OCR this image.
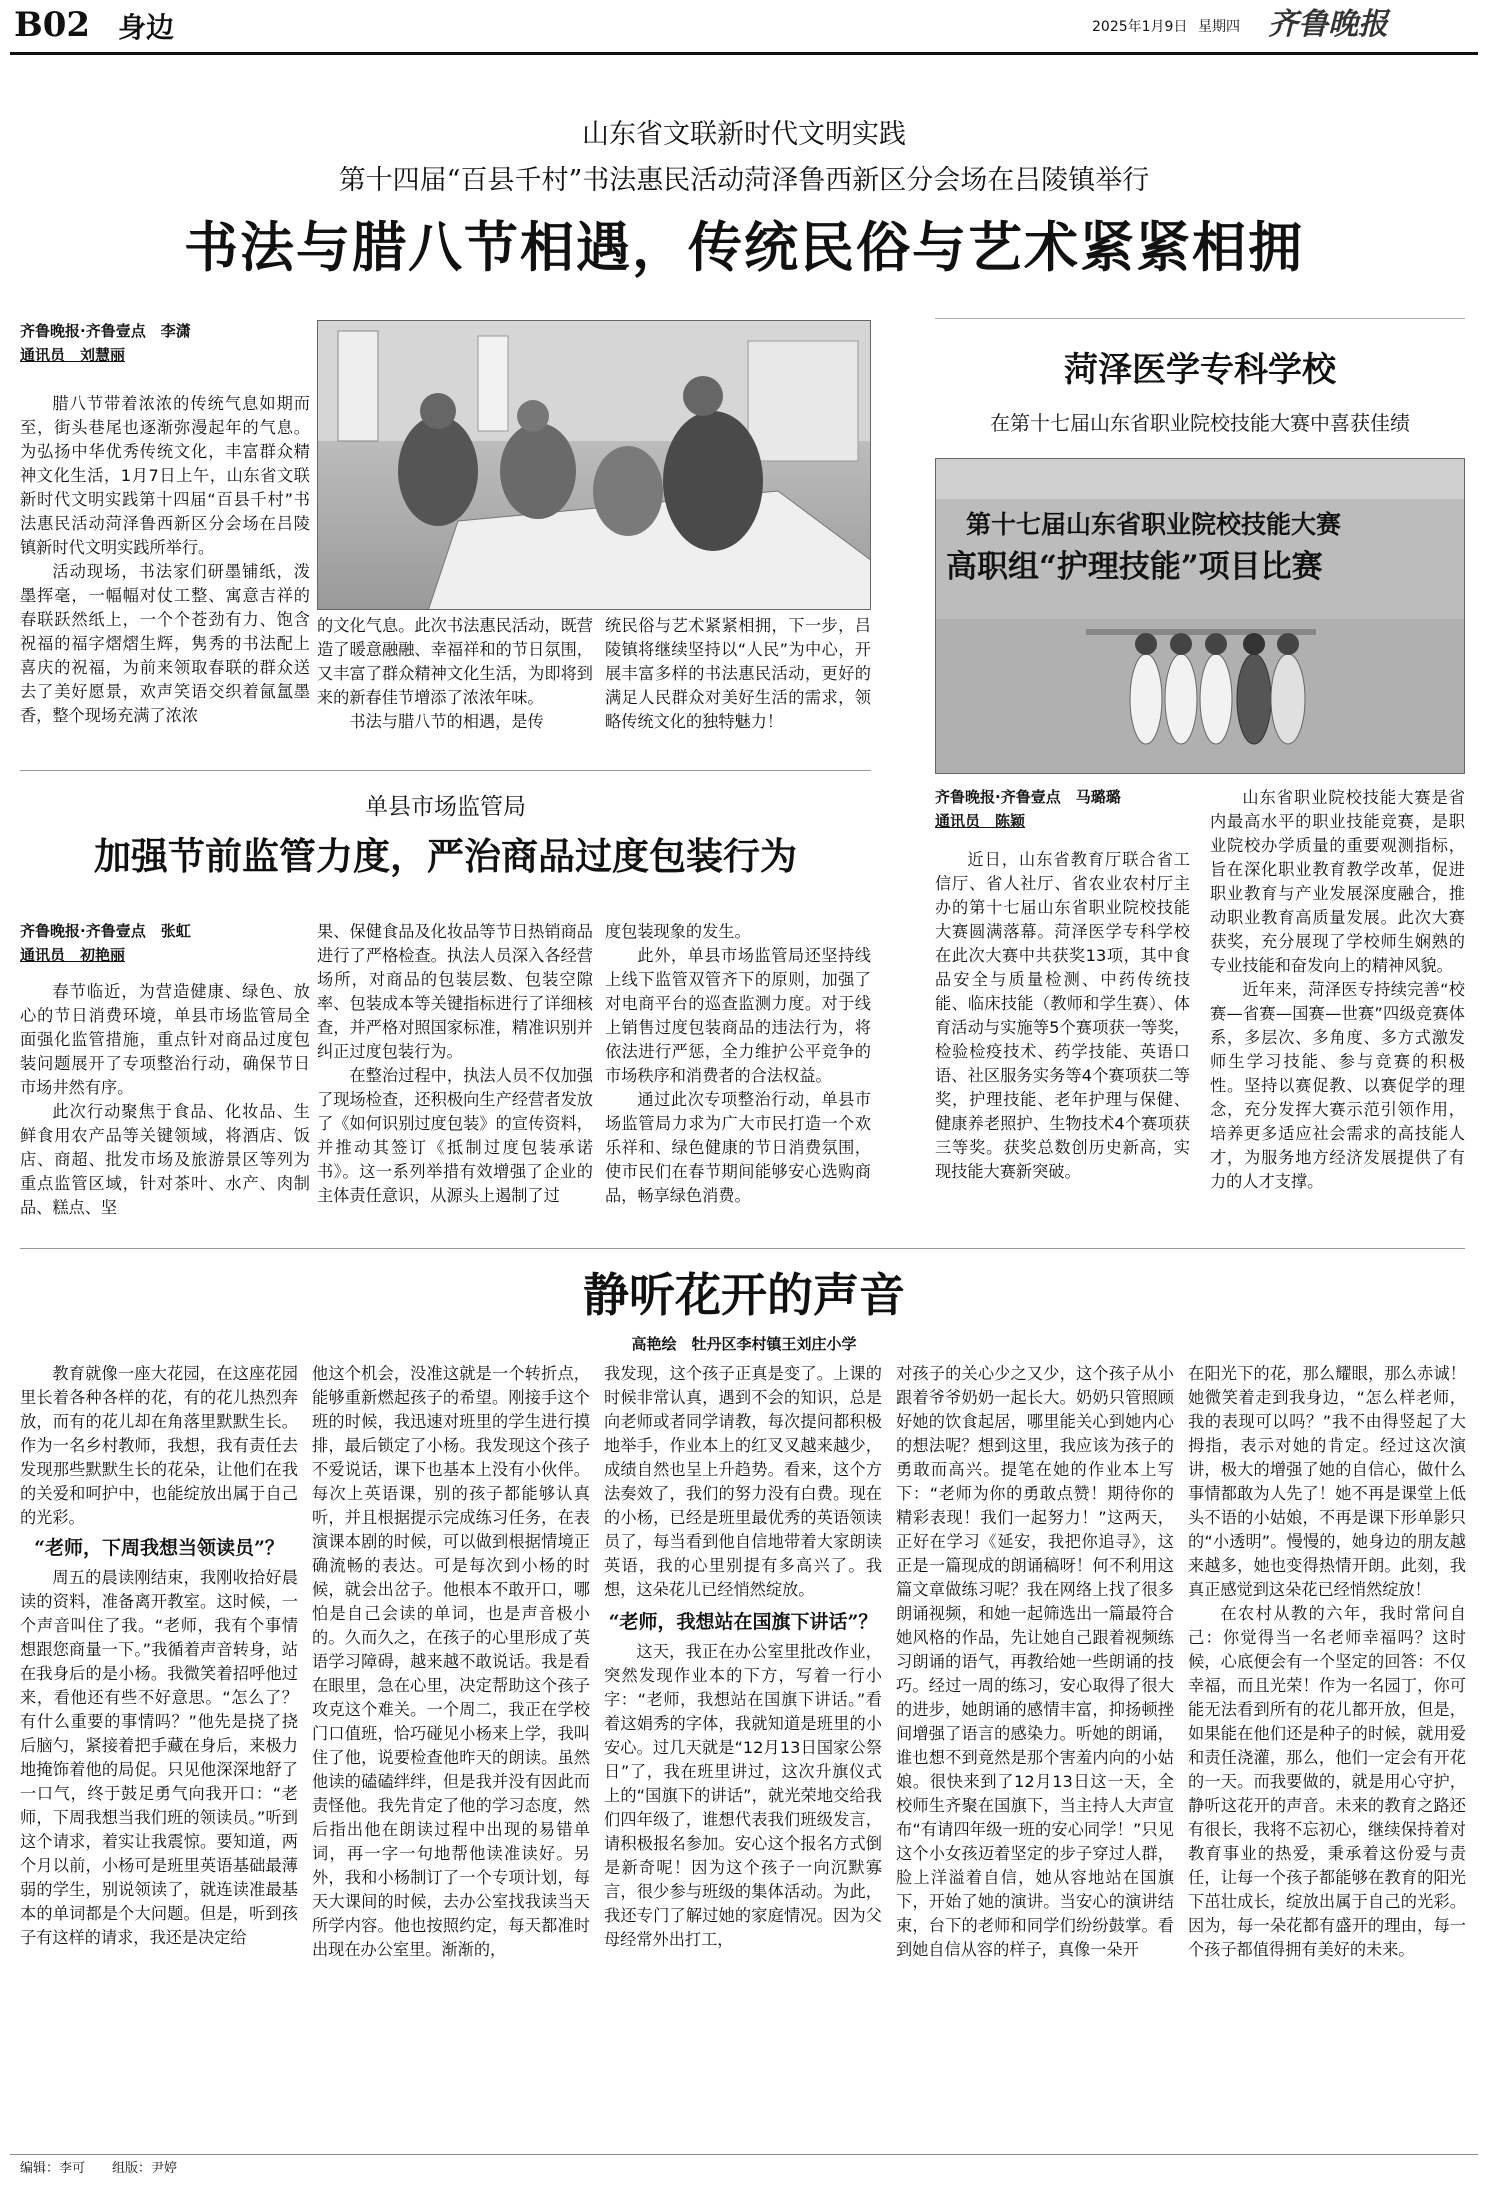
B02 身边	2025年1月9日 星期四 齐鲁晚报
山东省文联新时代文明实践
第十四届“百县千村”书法惠民活动菏泽鲁西新区分会场在吕陵镇举行
书法与腊八节相遇，传统民俗与艺术紧紧相拥
齐鲁晚报·齐鲁壹点　李潇
通讯员　刘慧丽
腊八节带着浓浓的传统气息如期而至，街头巷尾也逐渐弥漫起年的气息。为弘扬中华优秀传统文化，丰富群众精神文化生活，1月7日上午，山东省文联新时代文明实践第十四届“百县千村”书法惠民活动菏泽鲁西新区分会场在吕陵镇新时代文明实践所举行。
活动现场，书法家们研墨铺纸，泼墨挥毫，一幅幅对仗工整、寓意吉祥的春联跃然纸上，一个个苍劲有力、饱含祝福的福字熠熠生辉，隽秀的书法配上喜庆的祝福，为前来领取春联的群众送去了美好愿景，欢声笑语交织着氤氲墨香，整个现场充满了浓浓
的文化气息。此次书法惠民活动，既营造了暖意融融、幸福祥和的节日氛围，又丰富了群众精神文化生活，为即将到来的新春佳节增添了浓浓年味。
书法与腊八节的相遇，是传
统民俗与艺术紧紧相拥，下一步，吕陵镇将继续坚持以“人民”为中心，开展丰富多样的书法惠民活动，更好的满足人民群众对美好生活的需求，领略传统文化的独特魅力！
单县市场监管局
加强节前监管力度，严治商品过度包装行为
齐鲁晚报·齐鲁壹点　张虹
通讯员　初艳丽
春节临近，为营造健康、绿色、放心的节日消费环境，单县市场监管局全面强化监管措施，重点针对商品过度包装问题展开了专项整治行动，确保节日市场井然有序。
此次行动聚焦于食品、化妆品、生鲜食用农产品等关键领域，将酒店、饭店、商超、批发市场及旅游景区等列为重点监管区域，针对茶叶、水产、肉制品、糕点、坚
果、保健食品及化妆品等节日热销商品进行了严格检查。执法人员深入各经营场所，对商品的包装层数、包装空隙率、包装成本等关键指标进行了详细核查，并严格对照国家标准，精准识别并纠正过度包装行为。
在整治过程中，执法人员不仅加强了现场检查，还积极向生产经营者发放了《如何识别过度包装》的宣传资料，并推动其签订《抵制过度包装承诺书》。这一系列举措有效增强了企业的主体责任意识，从源头上遏制了过
度包装现象的发生。
此外，单县市场监管局还坚持线上线下监管双管齐下的原则，加强了对电商平台的巡查监测力度。对于线上销售过度包装商品的违法行为，将依法进行严惩，全力维护公平竞争的市场秩序和消费者的合法权益。
通过此次专项整治行动，单县市场监管局力求为广大市民打造一个欢乐祥和、绿色健康的节日消费氛围，使市民们在春节期间能够安心选购商品，畅享绿色消费。
菏泽医学专科学校
在第十七届山东省职业院校技能大赛中喜获佳绩
第十七届山东省职业院校技能大赛
高职组“护理技能”项目比赛
齐鲁晚报·齐鲁壹点　马璐璐
通讯员　陈颖
近日，山东省教育厅联合省工信厅、省人社厅、省农业农村厅主办的第十七届山东省职业院校技能大赛圆满落幕。菏泽医学专科学校在此次大赛中共获奖13项，其中食品安全与质量检测、中药传统技能、临床技能（教师和学生赛）、体育活动与实施等5个赛项获一等奖，检验检疫技术、药学技能、英语口语、社区服务实务等4个赛项获二等奖，护理技能、老年护理与保健、健康养老照护、生物技术4个赛项获三等奖。获奖总数创历史新高，实现技能大赛新突破。
山东省职业院校技能大赛是省内最高水平的职业技能竞赛，是职业院校办学质量的重要观测指标，旨在深化职业教育教学改革，促进职业教育与产业发展深度融合，推动职业教育高质量发展。此次大赛获奖，充分展现了学校师生娴熟的专业技能和奋发向上的精神风貌。
近年来，菏泽医专持续完善“校赛—省赛—国赛—世赛”四级竞赛体系，多层次、多角度、多方式激发师生学习技能、参与竞赛的积极性。坚持以赛促教、以赛促学的理念，充分发挥大赛示范引领作用，培养更多适应社会需求的高技能人才，为服务地方经济发展提供了有力的人才支撑。
静听花开的声音
高艳绘　牡丹区李村镇王刘庄小学
教育就像一座大花园，在这座花园里长着各种各样的花，有的花儿热烈奔放，而有的花儿却在角落里默默生长。作为一名乡村教师，我想，我有责任去发现那些默默生长的花朵，让他们在我的关爱和呵护中，也能绽放出属于自己的光彩。
“老师，下周我想当领读员”？
周五的晨读刚结束，我刚收拾好晨读的资料，准备离开教室。这时候，一个声音叫住了我。“老师，我有个事情想跟您商量一下。”我循着声音转身，站在我身后的是小杨。我微笑着招呼他过来，看他还有些不好意思。“怎么了？有什么重要的事情吗？”他先是挠了挠后脑勺，紧接着把手藏在身后，来极力地掩饰着他的局促。只见他深深地舒了一口气，终于鼓足勇气向我开口：“老师，下周我想当我们班的领读员。”听到这个请求，着实让我震惊。要知道，两个月以前，小杨可是班里英语基础最薄弱的学生，别说领读了，就连读准最基本的单词都是个大问题。但是，听到孩子有这样的请求，我还是决定给
他这个机会，没准这就是一个转折点，能够重新燃起孩子的希望。刚接手这个班的时候，我迅速对班里的学生进行摸排，最后锁定了小杨。我发现这个孩子不爱说话，课下也基本上没有小伙伴。每次上英语课，别的孩子都能够认真听，并且根据提示完成练习任务，在表演课本剧的时候，可以做到根据情境正确流畅的表达。可是每次到小杨的时候，就会出岔子。他根本不敢开口，哪怕是自己会读的单词，也是声音极小的。久而久之，在孩子的心里形成了英语学习障碍，越来越不敢说话。我是看在眼里，急在心里，决定帮助这个孩子攻克这个难关。一个周二，我正在学校门口值班，恰巧碰见小杨来上学，我叫住了他，说要检查他昨天的朗读。虽然他读的磕磕绊绊，但是我并没有因此而责怪他。我先肯定了他的学习态度，然后指出他在朗读过程中出现的易错单词，再一字一句地帮他读准读好。另外，我和小杨制订了一个专项计划，每天大课间的时候，去办公室找我读当天所学内容。他也按照约定，每天都准时出现在办公室里。渐渐的，
我发现，这个孩子正真是变了。上课的时候非常认真，遇到不会的知识，总是向老师或者同学请教，每次提问都积极地举手，作业本上的红叉叉越来越少，成绩自然也呈上升趋势。看来，这个方法奏效了，我们的努力没有白费。现在的小杨，已经是班里最优秀的英语领读员了，每当看到他自信地带着大家朗读英语，我的心里别提有多高兴了。我想，这朵花儿已经悄然绽放。
“老师，我想站在国旗下讲话”？
这天，我正在办公室里批改作业，突然发现作业本的下方，写着一行小字：“老师，我想站在国旗下讲话。”看着这娟秀的字体，我就知道是班里的小安心。过几天就是“12月13日国家公祭日”了，我在班里讲过，这次升旗仪式上的“国旗下的讲话”，就光荣地交给我们四年级了，谁想代表我们班级发言，请积极报名参加。安心这个报名方式倒是新奇呢！因为这个孩子一向沉默寡言，很少参与班级的集体活动。为此，我还专门了解过她的家庭情况。因为父母经常外出打工，
对孩子的关心少之又少，这个孩子从小跟着爷爷奶奶一起长大。奶奶只管照顾好她的饮食起居，哪里能关心到她内心的想法呢？想到这里，我应该为孩子的勇敢而高兴。提笔在她的作业本上写下：“老师为你的勇敢点赞！期待你的精彩表现！我们一起努力！”这两天，正好在学习《延安，我把你追寻》，这正是一篇现成的朗诵稿呀！何不利用这篇文章做练习呢？我在网络上找了很多朗诵视频，和她一起筛选出一篇最符合她风格的作品，先让她自己跟着视频练习朗诵的语气，再教给她一些朗诵的技巧。经过一周的练习，安心取得了很大的进步，她朗诵的感情丰富，抑扬顿挫间增强了语言的感染力。听她的朗诵，谁也想不到竟然是那个害羞内向的小姑娘。很快来到了12月13日这一天，全校师生齐聚在国旗下，当主持人大声宣布“有请四年级一班的安心同学！”只见这个小女孩迈着坚定的步子穿过人群，脸上洋溢着自信，她从容地站在国旗下，开始了她的演讲。当安心的演讲结束，台下的老师和同学们纷纷鼓掌。看到她自信从容的样子，真像一朵开
在阳光下的花，那么耀眼，那么赤诚！她微笑着走到我身边，“怎么样老师，我的表现可以吗？”我不由得竖起了大拇指，表示对她的肯定。经过这次演讲，极大的增强了她的自信心，做什么事情都敢为人先了！她不再是课堂上低头不语的小姑娘，不再是课下形单影只的“小透明”。慢慢的，她身边的朋友越来越多，她也变得热情开朗。此刻，我真正感觉到这朵花已经悄然绽放！
在农村从教的六年，我时常问自己：你觉得当一名老师幸福吗？这时候，心底便会有一个坚定的回答：不仅幸福，而且光荣！作为一名园丁，你可能无法看到所有的花儿都开放，但是，如果能在他们还是种子的时候，就用爱和责任浇灌，那么，他们一定会有开花的一天。而我要做的，就是用心守护，静听这花开的声音。未来的教育之路还有很长，我将不忘初心，继续保持着对教育事业的热爱，秉承着这份爱与责任，让每一个孩子都能够在教育的阳光下茁壮成长，绽放出属于自己的光彩。因为，每一朵花都有盛开的理由，每一个孩子都值得拥有美好的未来。
编辑：李可 组版：尹婷
